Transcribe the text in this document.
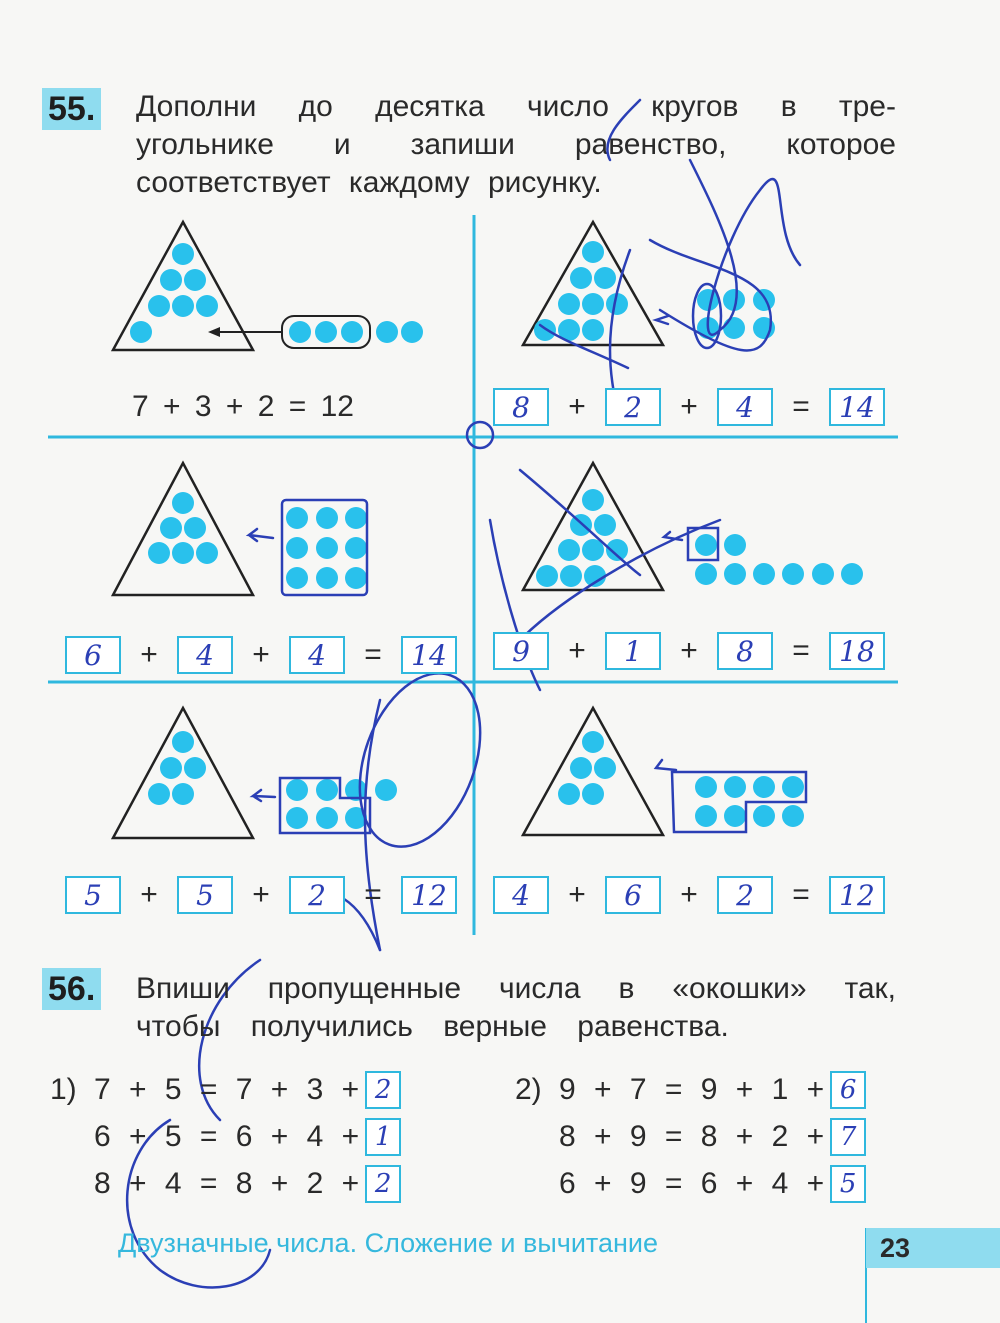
55. Дополни до десятка число кругов в тре-
угольнике и запиши равенство, которое
соответствует каждому рисунку.
7 + 3 + 2 = 12	8	+	2	+	4	=	14
6	+	4	+	4	=	14	9	+	1	+	8	=	18
5	+	5	+	2	=	12	4	+	6	+	2	=	12
56. Впиши пропущенные числа в «окошки» так,
чтобы получились верные равенства.
1) 7 + 5 = 7 + 3 + 2
6 + 5 = 6 + 4 + 1
8 + 4 = 8 + 2 + 2
2) 9 + 7 = 9 + 1 + 6
8 + 9 = 8 + 2 + 7
6 + 9 = 6 + 4 + 5
Двузначные числа. Сложение и вычитание	23
